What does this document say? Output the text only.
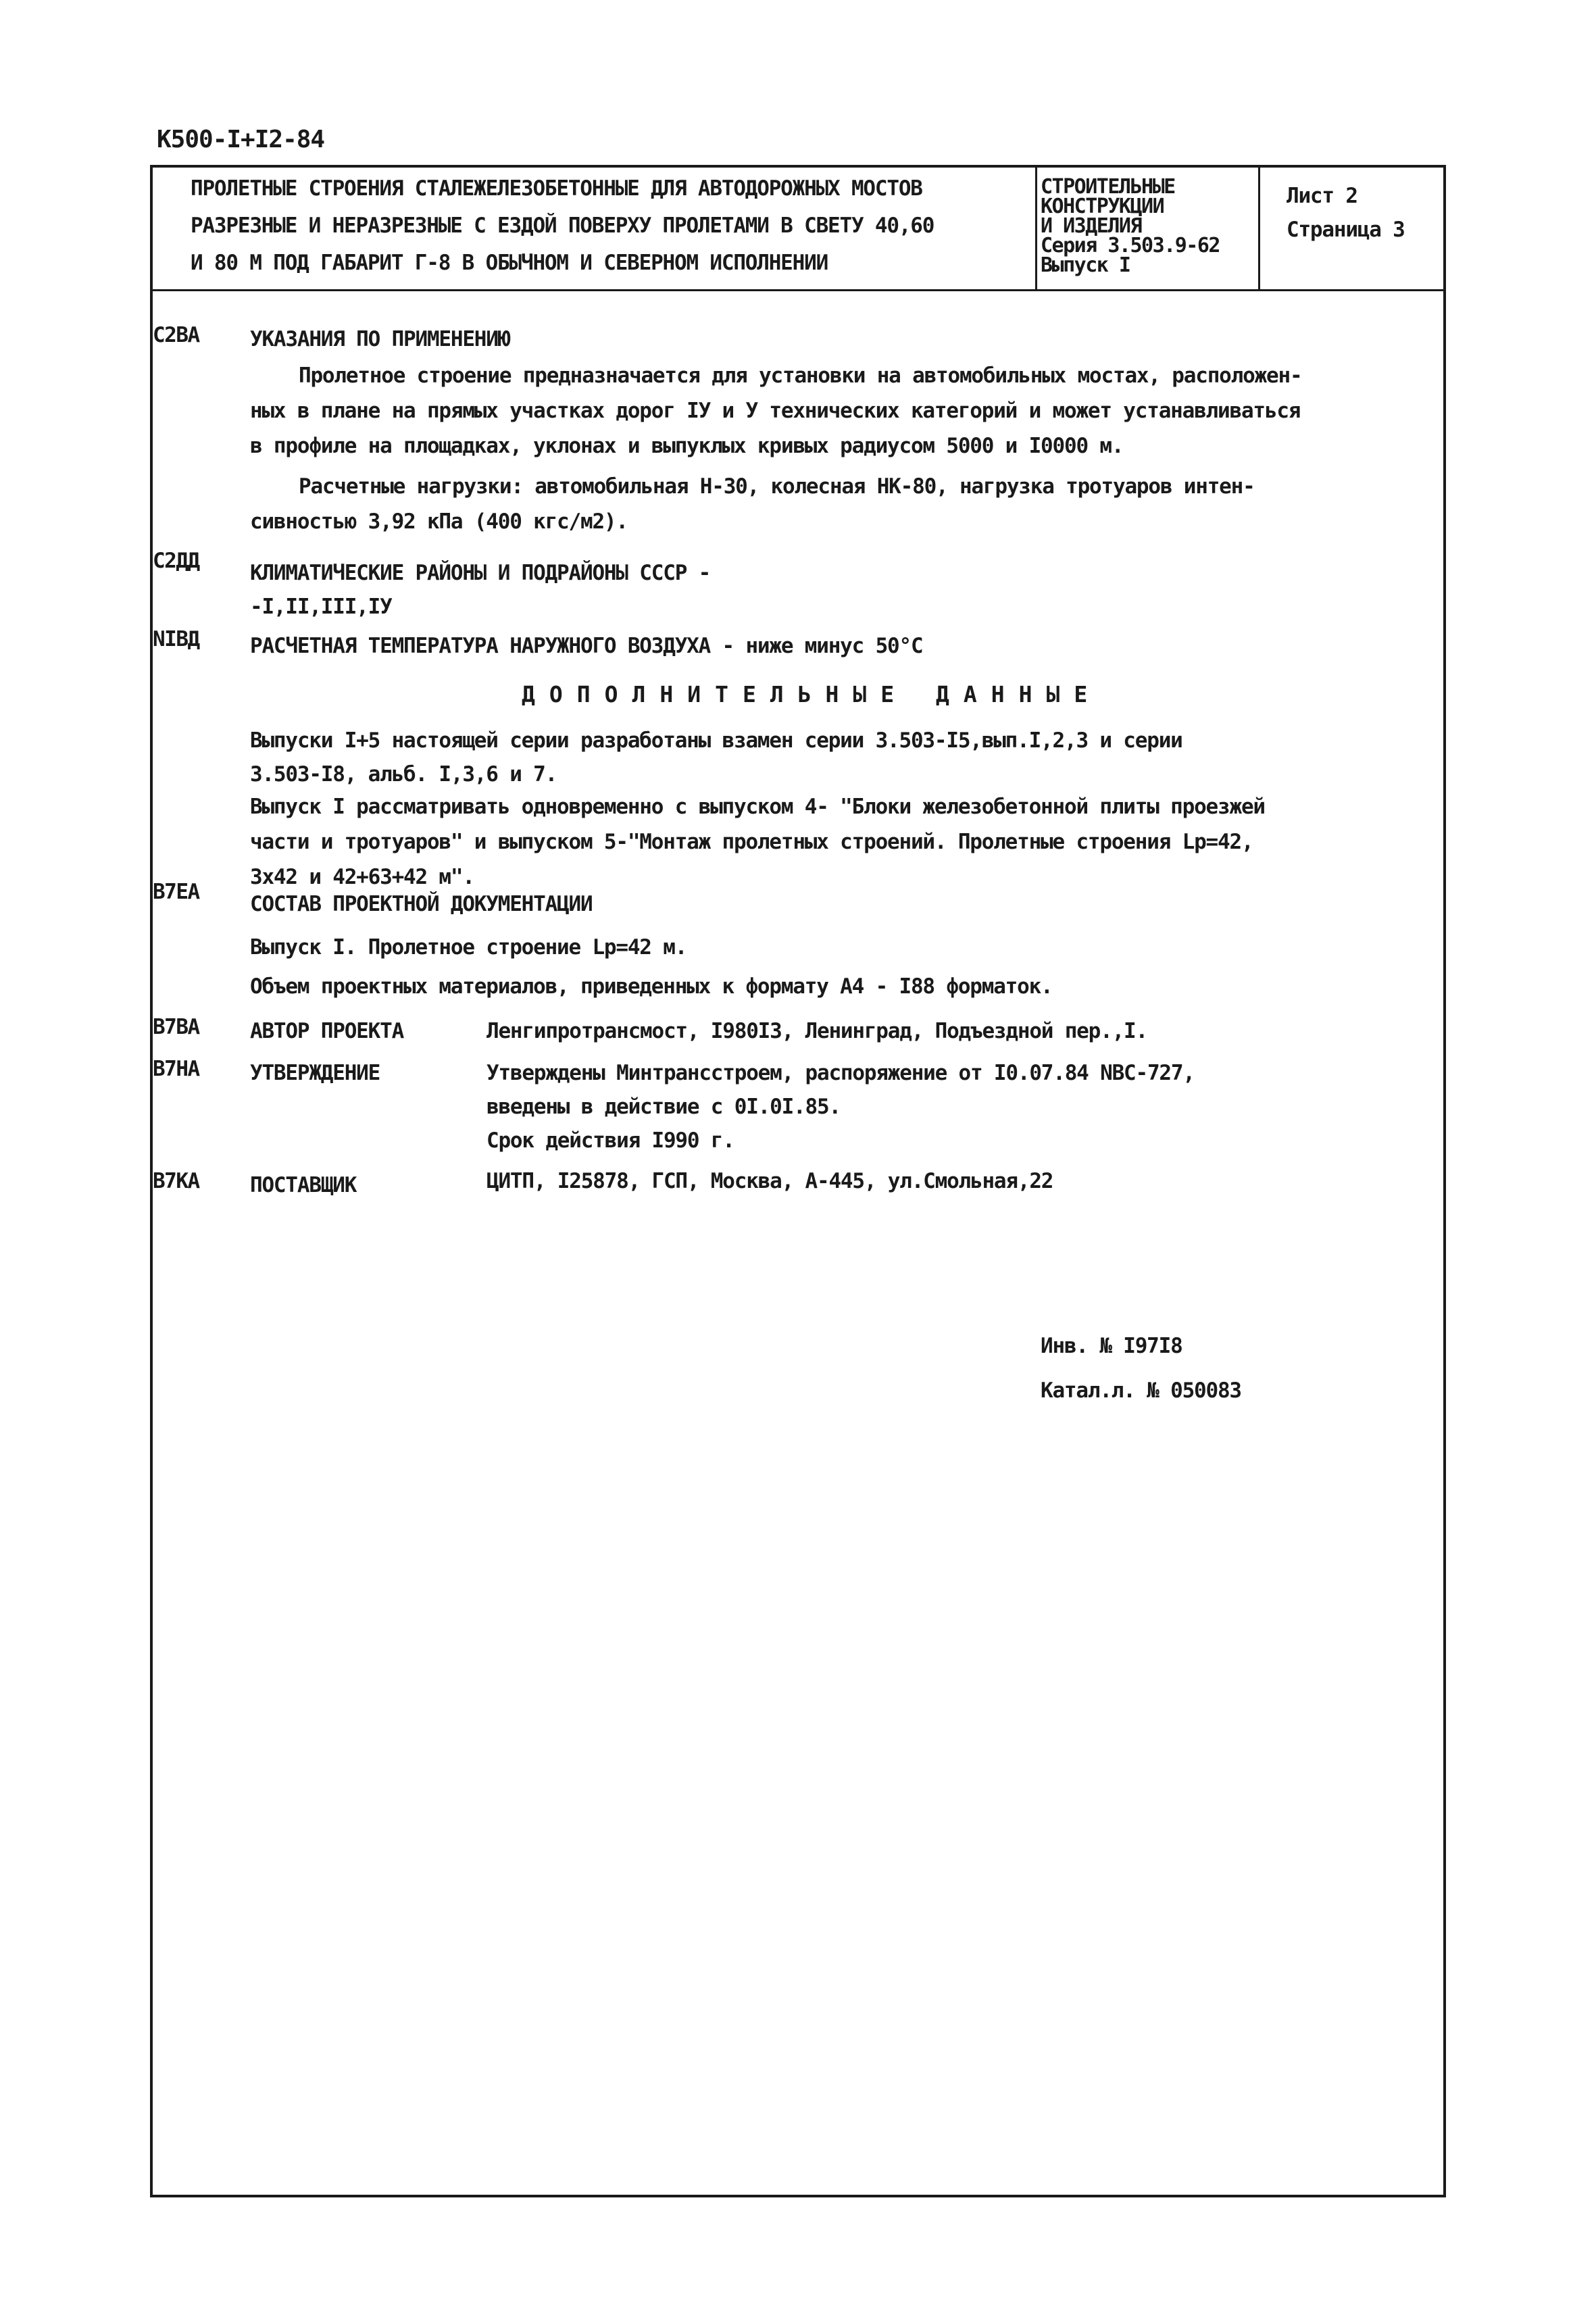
К500-I+I2-84
ПРОЛЕТНЫЕ СТРОЕНИЯ СТАЛЕЖЕЛЕЗОБЕТОННЫЕ ДЛЯ АВТОДОРОЖНЫХ МОСТОВ
РАЗРЕЗНЫЕ И НЕРАЗРЕЗНЫЕ С ЕЗДОЙ ПОВЕРХУ ПРОЛЕТАМИ В СВЕТУ 40,60
И 80 М ПОД ГАБАРИТ Г-8 В ОБЫЧНОМ И СЕВЕРНОМ ИСПОЛНЕНИИ
СТРОИТЕЛЬНЫЕ
КОНСТРУКЦИИ
И ИЗДЕЛИЯ
Серия 3.503.9-62
Выпуск I
Лист 2
Страница 3
С2ВА УКАЗАНИЯ ПО ПРИМЕНЕНИЮ
Пролетное строение предназначается для установки на автомобильных мостах, расположен-
ных в плане на прямых участках дорог IУ и У технических категорий и может устанавливаться
в профиле на площадках, уклонах и выпуклых кривых радиусом 5000 и I0000 м.
Расчетные нагрузки: автомобильная Н-30, колесная НК-80, нагрузка тротуаров интен-
сивностью 3,92 кПа (400 кгс/м2).
С2ДД КЛИМАТИЧЕСКИЕ РАЙОНЫ И ПОДРАЙОНЫ СССР -
-I,II,III,IУ
NIВД РАСЧЕТНАЯ ТЕМПЕРАТУРА НАРУЖНОГО ВОЗДУХА - ниже минус 50°С
ДОПОЛНИТЕЛЬНЫЕ ДАННЫЕ
Выпуски I+5 настоящей серии разработаны взамен серии 3.503-I5,вып.I,2,3 и серии
3.503-I8, альб. I,3,6 и 7.
Выпуск I рассматривать одновременно с выпуском 4- "Блоки железобетонной плиты проезжей
части и тротуаров" и выпуском 5-"Монтаж пролетных строений. Пролетные строения Lр=42,
3х42 и 42+63+42 м".
В7ЕА СОСТАВ ПРОЕКТНОЙ ДОКУМЕНТАЦИИ
Выпуск I. Пролетное строение Lр=42 м.
Объем проектных материалов, приведенных к формату А4 - I88 форматок.
В7ВА АВТОР ПРОЕКТА	Ленгипротрансмост, I980I3, Ленинград, Подъездной пер.,I.
В7НА УТВЕРЖДЕНИЕ	Утверждены Минтрансстроем, распоряжение от I0.07.84 NВС-727,
введены в действие с 0I.0I.85.
Срок действия I990 г.
В7КА ПОСТАВЩИК	ЦИТП, I25878, ГСП, Москва, А-445, ул.Смольная,22
Инв. № I97I8
Катал.л. № 050083
